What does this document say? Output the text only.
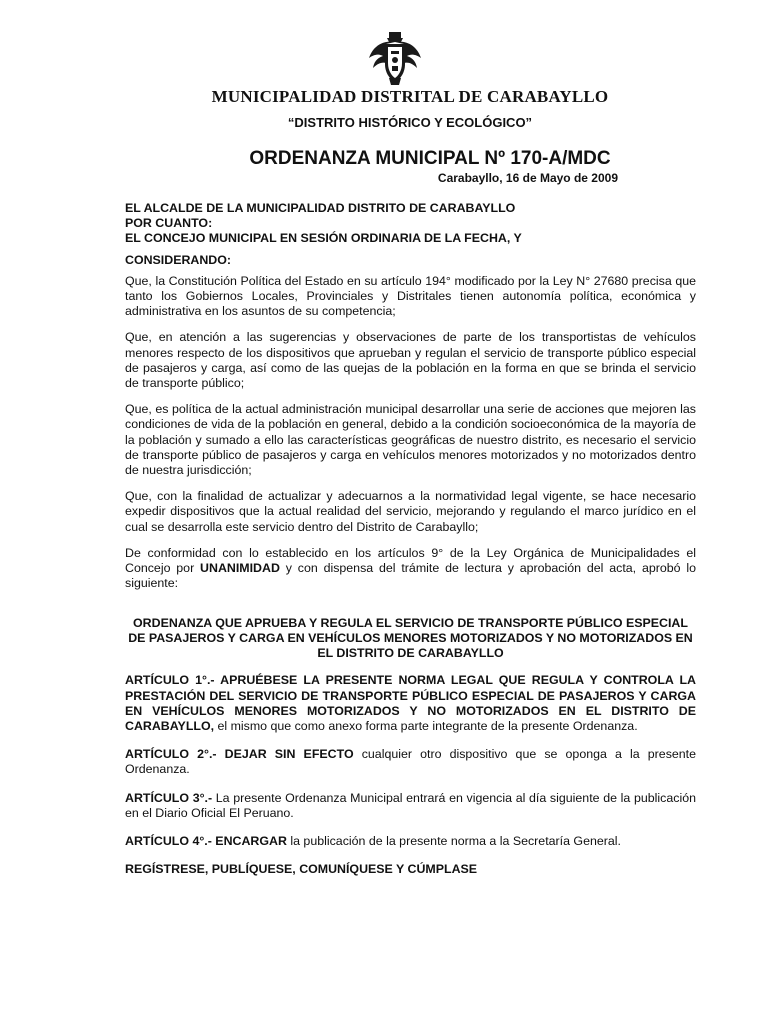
MUNICIPALIDAD DISTRITAL DE CARABAYLLO
“DISTRITO HISTÓRICO Y ECOLÓGICO”
ORDENANZA MUNICIPAL Nº 170-A/MDC
Carabayllo, 16 de Mayo de 2009

EL ALCALDE DE LA MUNICIPALIDAD DISTRITO DE CARABAYLLO

POR CUANTO:

EL CONCEJO MUNICIPAL EN SESIÓN ORDINARIA DE LA FECHA, Y

CONSIDERANDO:

Que, la Constitución Política del Estado en su artículo 194° modificado por la Ley N° 27680 precisa que tanto los Gobiernos Locales, Provinciales y Distritales tienen autonomía política, económica y administrativa en los asuntos de su competencia;

Que, en atención a las sugerencias y observaciones de parte de los transportistas de vehículos menores respecto de los dispositivos que aprueban y regulan el servicio de transporte público especial de pasajeros y carga, así como de las quejas de la población en la forma en que se brinda el servicio de transporte público;

Que, es política de la actual administración municipal desarrollar una serie de acciones que mejoren las condiciones de vida de la población en general, debido a la condición socioeconómica de la mayoría de la población y sumado a ello las características geográficas de nuestro distrito, es necesario el servicio de transporte público de pasajeros y carga en vehículos menores motorizados y no motorizados dentro de nuestra jurisdicción;

Que, con la finalidad de actualizar y adecuarnos a la normatividad legal vigente, se hace necesario expedir dispositivos que la actual realidad del servicio, mejorando y regulando el marco jurídico en el cual se desarrolla este servicio dentro del Distrito de Carabayllo;

De conformidad con lo establecido en los artículos 9° de la Ley Orgánica de Municipalidades el Concejo por UNANIMIDAD y con dispensa del trámite de lectura y aprobación del acta, aprobó lo siguiente:

ORDENANZA QUE APRUEBA Y REGULA EL SERVICIO DE TRANSPORTE PÚBLICO ESPECIAL DE PASAJEROS Y CARGA EN VEHÍCULOS MENORES MOTORIZADOS Y NO MOTORIZADOS EN EL DISTRITO DE CARABAYLLO

ARTÍCULO 1°.- APRUÉBESE LA PRESENTE NORMA LEGAL QUE REGULA Y CONTROLA LA PRESTACIÓN DEL SERVICIO DE TRANSPORTE PÚBLICO ESPECIAL DE PASAJEROS Y CARGA EN VEHÍCULOS MENORES MOTORIZADOS Y NO MOTORIZADOS EN EL DISTRITO DE CARABAYLLO, el mismo que como anexo forma parte integrante de la presente Ordenanza.

ARTÍCULO 2°.- DEJAR SIN EFECTO cualquier otro dispositivo que se oponga a la presente Ordenanza.

ARTÍCULO 3°.- La presente Ordenanza Municipal entrará en vigencia al día siguiente de la publicación en el Diario Oficial El Peruano.

ARTÍCULO 4°.- ENCARGAR la publicación de la presente norma a la Secretaría General.

REGÍSTRESE, PUBLÍQUESE, COMUNÍQUESE Y CÚMPLASE
